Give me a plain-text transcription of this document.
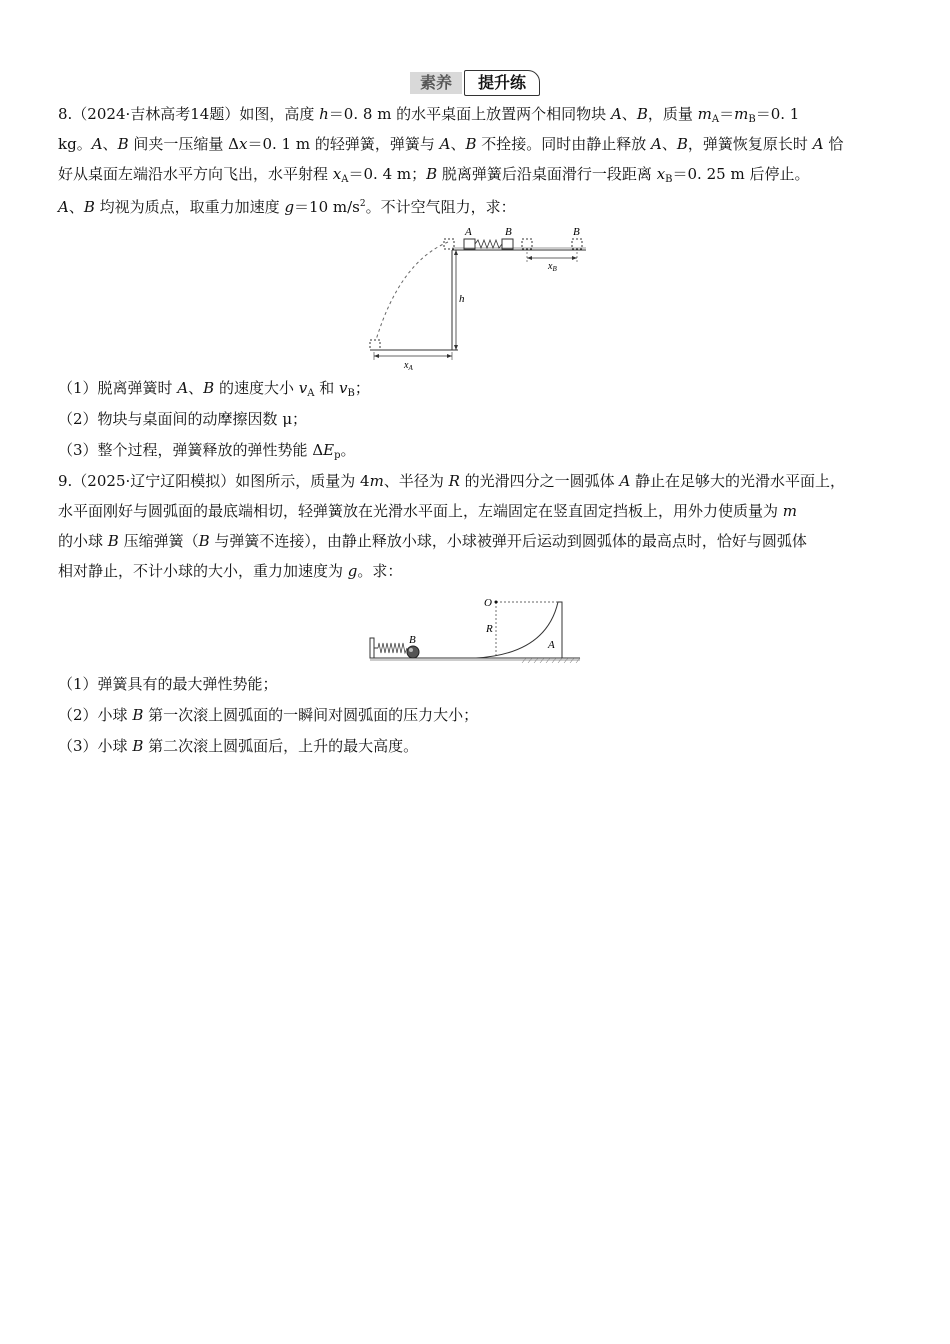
素养	提升练
8.（2024·吉林高考14题）如图，高度 h＝0. 8 m 的水平桌面上放置两个相同物块 A、B，质量 $m_A=m_B=0$. 1
kg。A、B 间夹一压缩量 Δx＝0. 1 m 的轻弹簧，弹簧与 A、B 不拴接。同时由静止释放 A、B，弹簧恢复原长时 A 恰
好从桌面左端沿水平方向飞出，水平射程 $x_A=0$. 4 m；B 脱离弹簧后沿桌面滑行一段距离 $x_B=0$. 25 m 后停止。
A、B 均视为质点，取重力加速度 g＝10 $m/s^2$。不计空气阻力，求：
A	B	B
h
$x_A$
$x_B$
（1）脱离弹簧时 A、B 的速度大小 $v_A$ 和 $v_B$；
（2）物块与桌面间的动摩擦因数 μ；
（3）整个过程，弹簧释放的弹性势能 $\Delta E_p$。
9.（2025·辽宁辽阳模拟）如图所示，质量为 4m、半径为 R 的光滑四分之一圆弧体 A 静止在足够大的光滑水平面上，
水平面刚好与圆弧面的最底端相切，轻弹簧放在光滑水平面上，左端固定在竖直固定挡板上，用外力使质量为 m
的小球 B 压缩弹簧（B 与弹簧不连接），由静止释放小球，小球被弹开后运动到圆弧体的最高点时，恰好与圆弧体
相对静止，不计小球的大小，重力加速度为 g。求：
O
R
A
B
（1）弹簧具有的最大弹性势能；
（2）小球 B 第一次滚上圆弧面的一瞬间对圆弧面的压力大小；
（3）小球 B 第二次滚上圆弧面后，上升的最大高度。
